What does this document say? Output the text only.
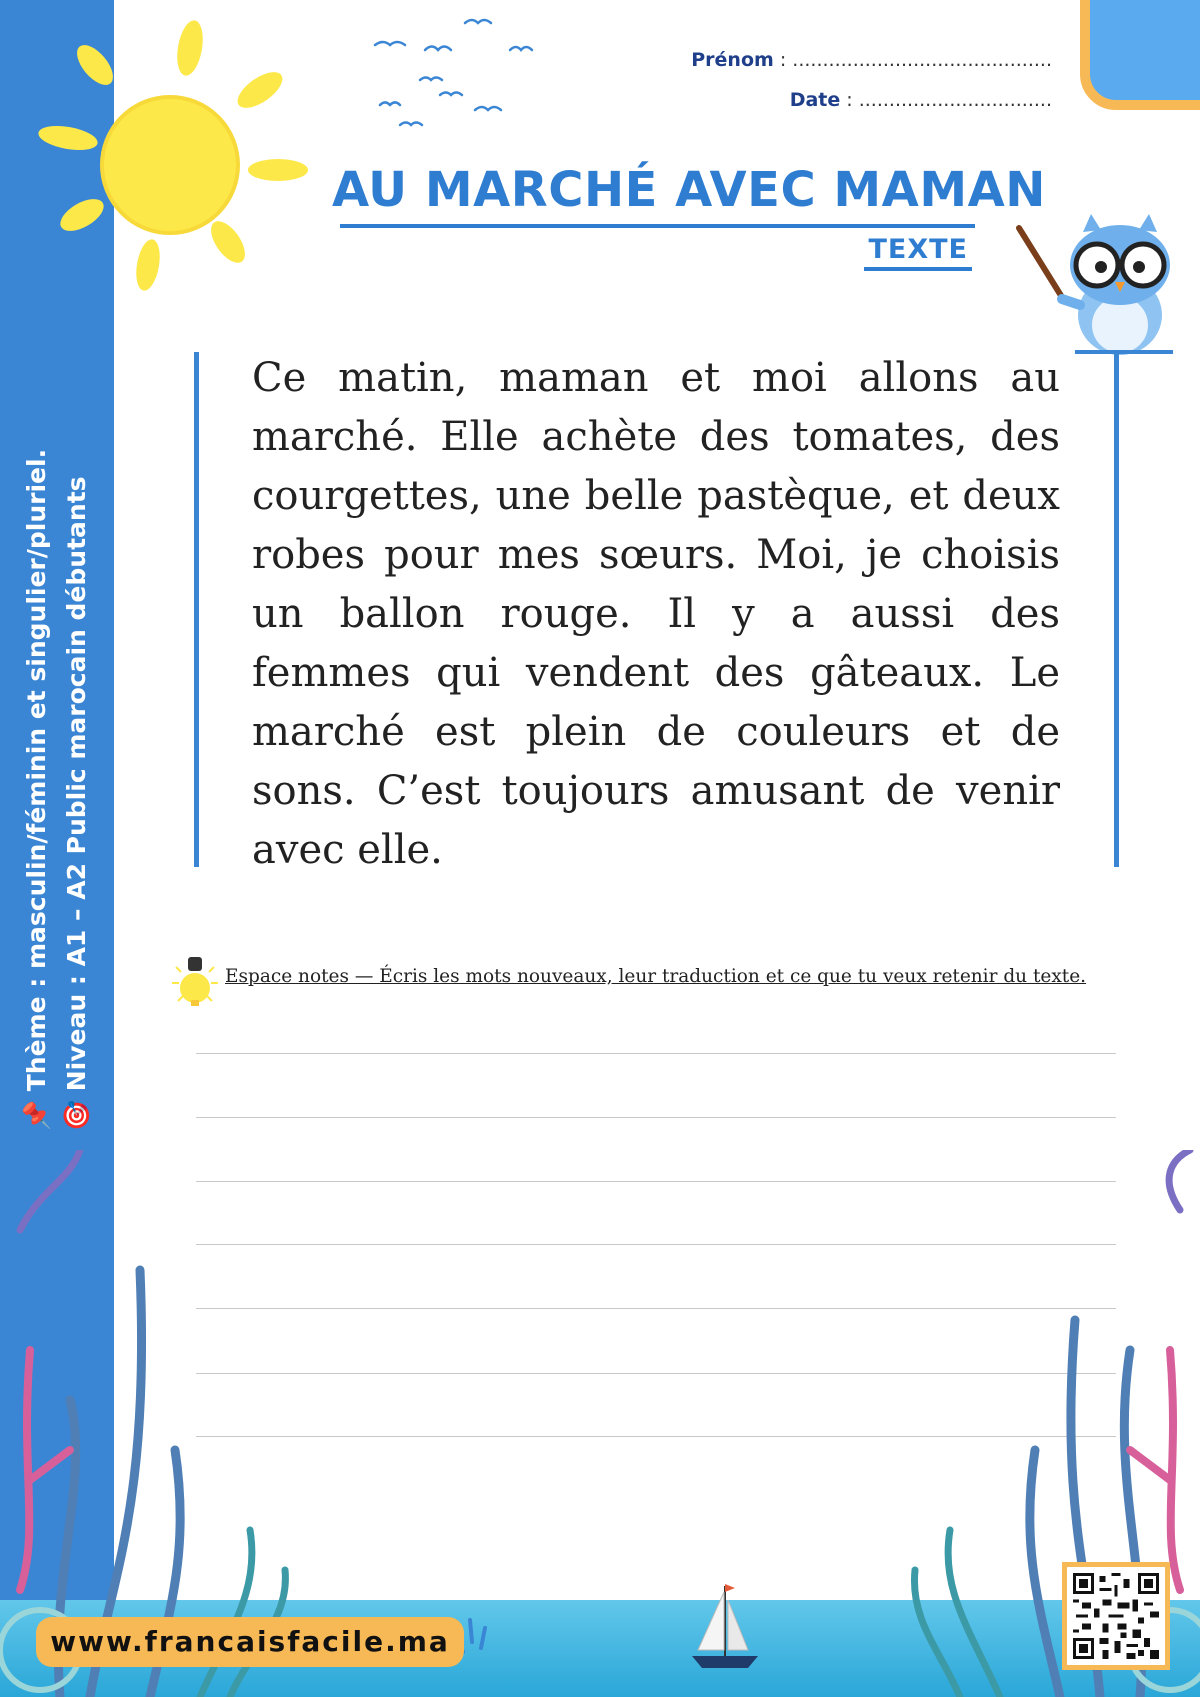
📌 Thème : masculin/féminin et singulier/pluriel. 🎯 Niveau : A1 – A2 Public marocain débutants
Prénom : ...........................................
Date : ................................
AU MARCHÉ AVEC MAMAN
TEXTE

Ce matin, maman et moi allons au marché. Elle achète des tomates, des courgettes, une belle pastèque, et deux robes pour mes sœurs. Moi, je choisis un ballon rouge. Il y a aussi des femmes qui vendent des gâteaux. Le marché est plein de couleurs et de sons. C’est toujours amusant de venir avec elle.

Espace notes — Écris les mots nouveaux, leur traduction et ce que tu veux retenir du texte.
www.francaisfacile.ma
